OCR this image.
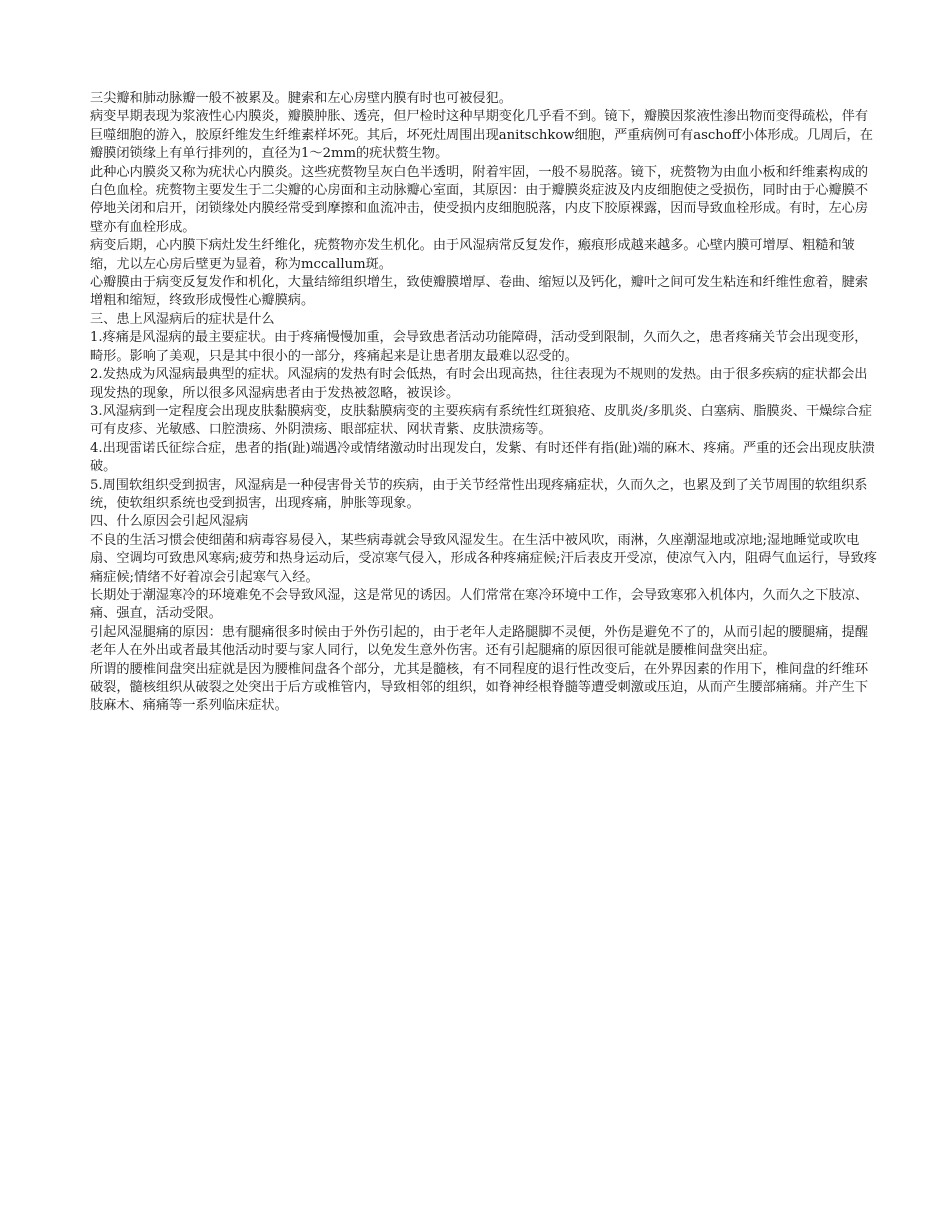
三尖瓣和肺动脉瓣一般不被累及。腱索和左心房壁内膜有时也可被侵犯。

病变早期表现为浆液性心内膜炎，瓣膜肿胀、透亮，但尸检时这种早期变化几乎看不到。镜下，瓣膜因浆液性渗出物而变得疏松，伴有巨噬细胞的游入，胶原纤维发生纤维素样坏死。其后，坏死灶周围出现anitschkow细胞，严重病例可有aschoff小体形成。几周后，在瓣膜闭锁缘上有单行排列的，直径为1～2mm的疣状赘生物。

此种心内膜炎又称为疣状心内膜炎。这些疣赘物呈灰白色半透明，附着牢固，一般不易脱落。镜下，疣赘物为由血小板和纤维素构成的白色血栓。疣赘物主要发生于二尖瓣的心房面和主动脉瓣心室面，其原因：由于瓣膜炎症波及内皮细胞使之受损伤，同时由于心瓣膜不停地关闭和启开，闭锁缘处内膜经常受到摩擦和血流冲击，使受损内皮细胞脱落，内皮下胶原裸露，因而导致血栓形成。有时，左心房壁亦有血栓形成。

病变后期，心内膜下病灶发生纤维化，疣赘物亦发生机化。由于风湿病常反复发作，瘢痕形成越来越多。心壁内膜可增厚、粗糙和皱缩，尤以左心房后壁更为显着，称为mccallum斑。

心瓣膜由于病变反复发作和机化，大量结缔组织增生，致使瓣膜增厚、卷曲、缩短以及钙化，瓣叶之间可发生粘连和纤维性愈着，腱索增粗和缩短，终致形成慢性心瓣膜病。

三、患上风湿病后的症状是什么

1.疼痛是风湿病的最主要症状。由于疼痛慢慢加重，会导致患者活动功能障碍，活动受到限制，久而久之，患者疼痛关节会出现变形，畸形。影响了美观，只是其中很小的一部分，疼痛起来是让患者朋友最难以忍受的。

2.发热成为风湿病最典型的症状。风湿病的发热有时会低热，有时会出现高热，往往表现为不规则的发热。由于很多疾病的症状都会出现发热的现象，所以很多风湿病患者由于发热被忽略，被误诊。

3.风湿病到一定程度会出现皮肤黏膜病变，皮肤黏膜病变的主要疾病有系统性红斑狼疮、皮肌炎/多肌炎、白塞病、脂膜炎、干燥综合症可有皮疹、光敏感、口腔溃疡、外阴溃疡、眼部症状、网状青紫、皮肤溃疡等。

4.出现雷诺氏征综合症，患者的指(趾)端遇冷或情绪激动时出现发白，发紫、有时还伴有指(趾)端的麻木、疼痛。严重的还会出现皮肤溃破。

5.周围软组织受到损害，风湿病是一种侵害骨关节的疾病，由于关节经常性出现疼痛症状，久而久之，也累及到了关节周围的软组织系统，使软组织系统也受到损害，出现疼痛，肿胀等现象。

四、什么原因会引起风湿病

不良的生活习惯会使细菌和病毒容易侵入，某些病毒就会导致风湿发生。在生活中被风吹，雨淋，久座潮湿地或凉地;湿地睡觉或吹电扇、空调均可致患风寒病;疲劳和热身运动后，受凉寒气侵入，形成各种疼痛症候;汗后表皮开受凉，使凉气入内，阻碍气血运行，导致疼痛症候;情绪不好着凉会引起寒气入经。

长期处于潮湿寒冷的环境难免不会导致风湿，这是常见的诱因。人们常常在寒冷环境中工作，会导致寒邪入机体内，久而久之下肢凉、痛、强直，活动受限。

引起风湿腿痛的原因：患有腿痛很多时候由于外伤引起的，由于老年人走路腿脚不灵便，外伤是避免不了的，从而引起的腰腿痛，提醒老年人在外出或者最其他活动时要与家人同行，以免发生意外伤害。还有引起腿痛的原因很可能就是腰椎间盘突出症。

所谓的腰椎间盘突出症就是因为腰椎间盘各个部分，尤其是髓核，有不同程度的退行性改变后，在外界因素的作用下，椎间盘的纤维环破裂，髓核组织从破裂之处突出于后方或椎管内，导致相邻的组织，如脊神经根脊髓等遭受刺激或压迫，从而产生腰部痛痛。并产生下肢麻木、痛痛等一系列临床症状。
